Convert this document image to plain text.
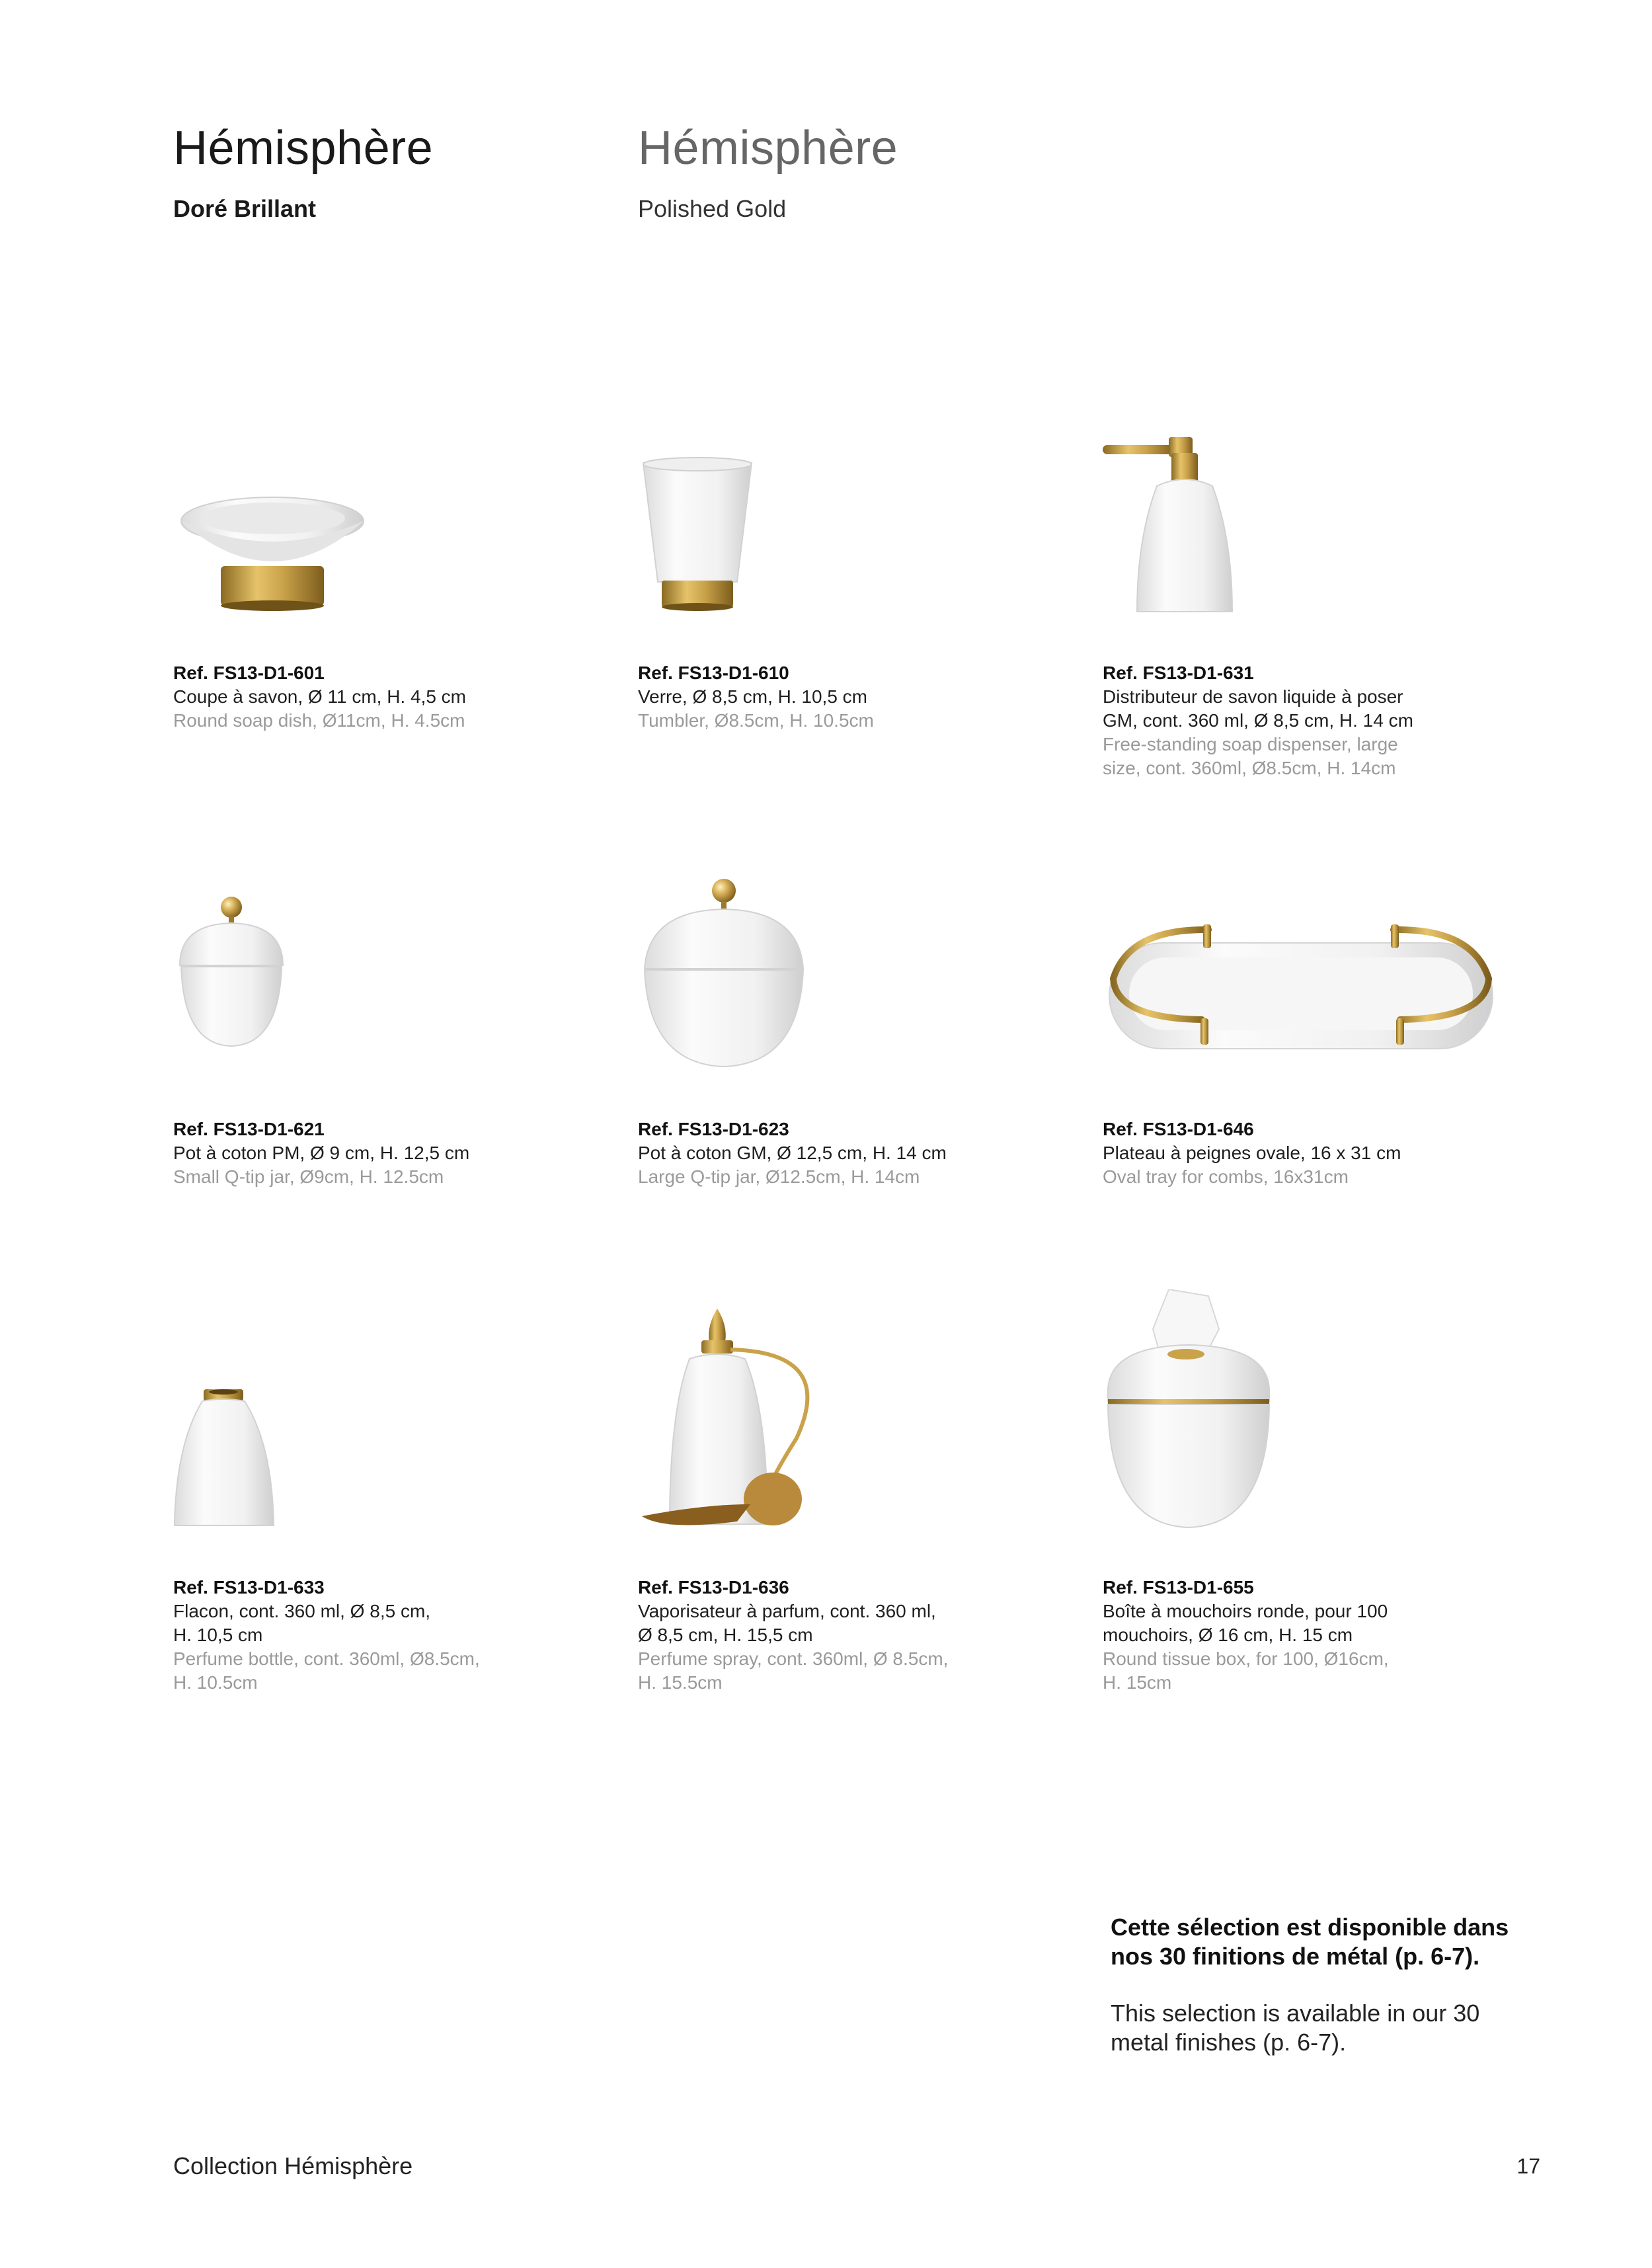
Hémisphère
Doré Brillant
Hémisphère
Polished Gold
Ref. FS13-D1-601
Coupe à savon, Ø 11 cm, H. 4,5 cm
Round soap dish, Ø11cm, H. 4.5cm
Ref. FS13-D1-610
Verre, Ø 8,5 cm, H. 10,5 cm
Tumbler, Ø8.5cm, H. 10.5cm
Ref. FS13-D1-631
Distributeur de savon liquide à poser
GM, cont. 360 ml, Ø 8,5 cm, H. 14 cm
Free-standing soap dispenser, large
size, cont. 360ml, Ø8.5cm, H. 14cm
Ref. FS13-D1-621
Pot à coton PM, Ø 9 cm, H. 12,5 cm
Small Q-tip jar, Ø9cm, H. 12.5cm
Ref. FS13-D1-623
Pot à coton GM, Ø 12,5 cm, H. 14 cm
Large Q-tip jar, Ø12.5cm, H. 14cm
Ref. FS13-D1-646
Plateau à peignes ovale, 16 x 31 cm
Oval tray for combs, 16x31cm
Ref. FS13-D1-633
Flacon, cont. 360 ml, Ø 8,5 cm,
H. 10,5 cm
Perfume bottle, cont. 360ml, Ø8.5cm,
H. 10.5cm
Ref. FS13-D1-636
Vaporisateur à parfum, cont. 360 ml,
Ø 8,5 cm, H. 15,5 cm
Perfume spray, cont. 360ml, Ø 8.5cm,
H. 15.5cm
Ref. FS13-D1-655
Boîte à mouchoirs ronde, pour 100
mouchoirs, Ø 16 cm, H. 15 cm
Round tissue box, for 100, Ø16cm,
H. 15cm
Cette sélection est disponible dans
nos 30 finitions de métal (p. 6-7).
This selection is available in our 30
metal finishes (p. 6-7).
Collection Hémisphère	17
